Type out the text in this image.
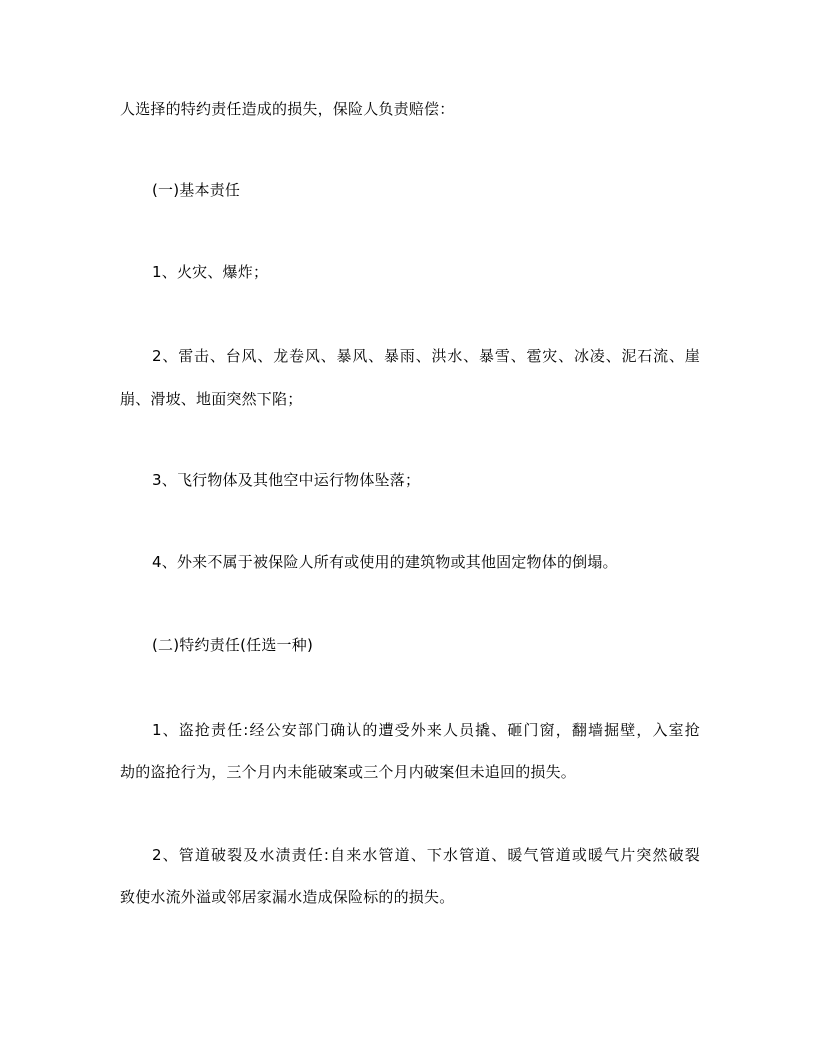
人选择的特约责任造成的损失，保险人负责赔偿：
(一)基本责任
1、火灾、爆炸；
2、雷击、台风、龙卷风、暴风、暴雨、洪水、暴雪、雹灾、冰凌、泥石流、崖
崩、滑坡、地面突然下陷；
3、飞行物体及其他空中运行物体坠落；
4、外来不属于被保险人所有或使用的建筑物或其他固定物体的倒塌。
(二)特约责任(任选一种)
1、盗抢责任:经公安部门确认的遭受外来人员撬、砸门窗，翻墙掘壁，入室抢
劫的盗抢行为，三个月内未能破案或三个月内破案但未追回的损失。
2、管道破裂及水渍责任:自来水管道、下水管道、暖气管道或暖气片突然破裂
致使水流外溢或邻居家漏水造成保险标的的损失。
